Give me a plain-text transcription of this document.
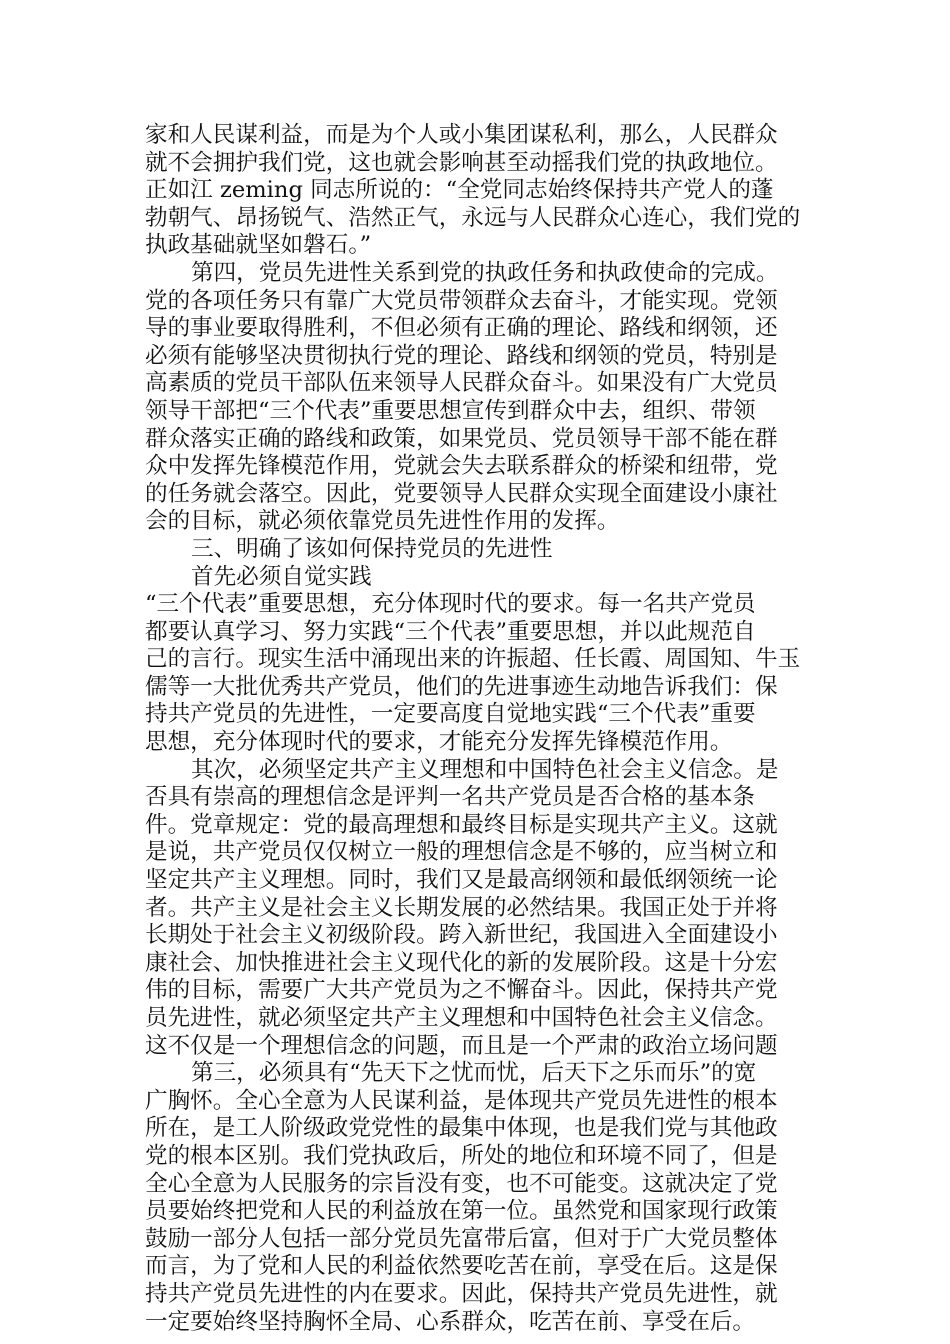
家和人民谋利益，而是为个人或小集团谋私利，那么，人民群众
就不会拥护我们党，这也就会影响甚至动摇我们党的执政地位。
正如江 zeming 同志所说的：“全党同志始终保持共产党人的蓬
勃朝气、昂扬锐气、浩然正气，永远与人民群众心连心，我们党的
执政基础就坚如磐石。”
第四，党员先进性关系到党的执政任务和执政使命的完成。
党的各项任务只有靠广大党员带领群众去奋斗，才能实现。党领
导的事业要取得胜利，不但必须有正确的理论、路线和纲领，还
必须有能够坚决贯彻执行党的理论、路线和纲领的党员，特别是
高素质的党员干部队伍来领导人民群众奋斗。如果没有广大党员
领导干部把“三个代表”重要思想宣传到群众中去，组织、带领
群众落实正确的路线和政策，如果党员、党员领导干部不能在群
众中发挥先锋模范作用，党就会失去联系群众的桥梁和纽带，党
的任务就会落空。因此，党要领导人民群众实现全面建设小康社
会的目标，就必须依靠党员先进性作用的发挥。
三、明确了该如何保持党员的先进性
首先必须自觉实践
“三个代表”重要思想，充分体现时代的要求。每一名共产党员
都要认真学习、努力实践“三个代表”重要思想，并以此规范自
己的言行。现实生活中涌现出来的许振超、任长霞、周国知、牛玉
儒等一大批优秀共产党员，他们的先进事迹生动地告诉我们：保
持共产党员的先进性，一定要高度自觉地实践“三个代表”重要
思想，充分体现时代的要求，才能充分发挥先锋模范作用。
其次，必须坚定共产主义理想和中国特色社会主义信念。是
否具有崇高的理想信念是评判一名共产党员是否合格的基本条
件。党章规定：党的最高理想和最终目标是实现共产主义。这就
是说，共产党员仅仅树立一般的理想信念是不够的，应当树立和
坚定共产主义理想。同时，我们又是最高纲领和最低纲领统一论
者。共产主义是社会主义长期发展的必然结果。我国正处于并将
长期处于社会主义初级阶段。跨入新世纪，我国进入全面建设小
康社会、加快推进社会主义现代化的新的发展阶段。这是十分宏
伟的目标，需要广大共产党员为之不懈奋斗。因此，保持共产党
员先进性，就必须坚定共产主义理想和中国特色社会主义信念。
这不仅是一个理想信念的问题，而且是一个严肃的政治立场问题
第三，必须具有“先天下之忧而忧，后天下之乐而乐”的宽
广胸怀。全心全意为人民谋利益，是体现共产党员先进性的根本
所在，是工人阶级政党党性的最集中体现，也是我们党与其他政
党的根本区别。我们党执政后，所处的地位和环境不同了，但是
全心全意为人民服务的宗旨没有变，也不可能变。这就决定了党
员要始终把党和人民的利益放在第一位。虽然党和国家现行政策
鼓励一部分人包括一部分党员先富带后富，但对于广大党员整体
而言，为了党和人民的利益依然要吃苦在前，享受在后。这是保
持共产党员先进性的内在要求。因此，保持共产党员先进性，就
一定要始终坚持胸怀全局、心系群众，吃苦在前、享受在后。
